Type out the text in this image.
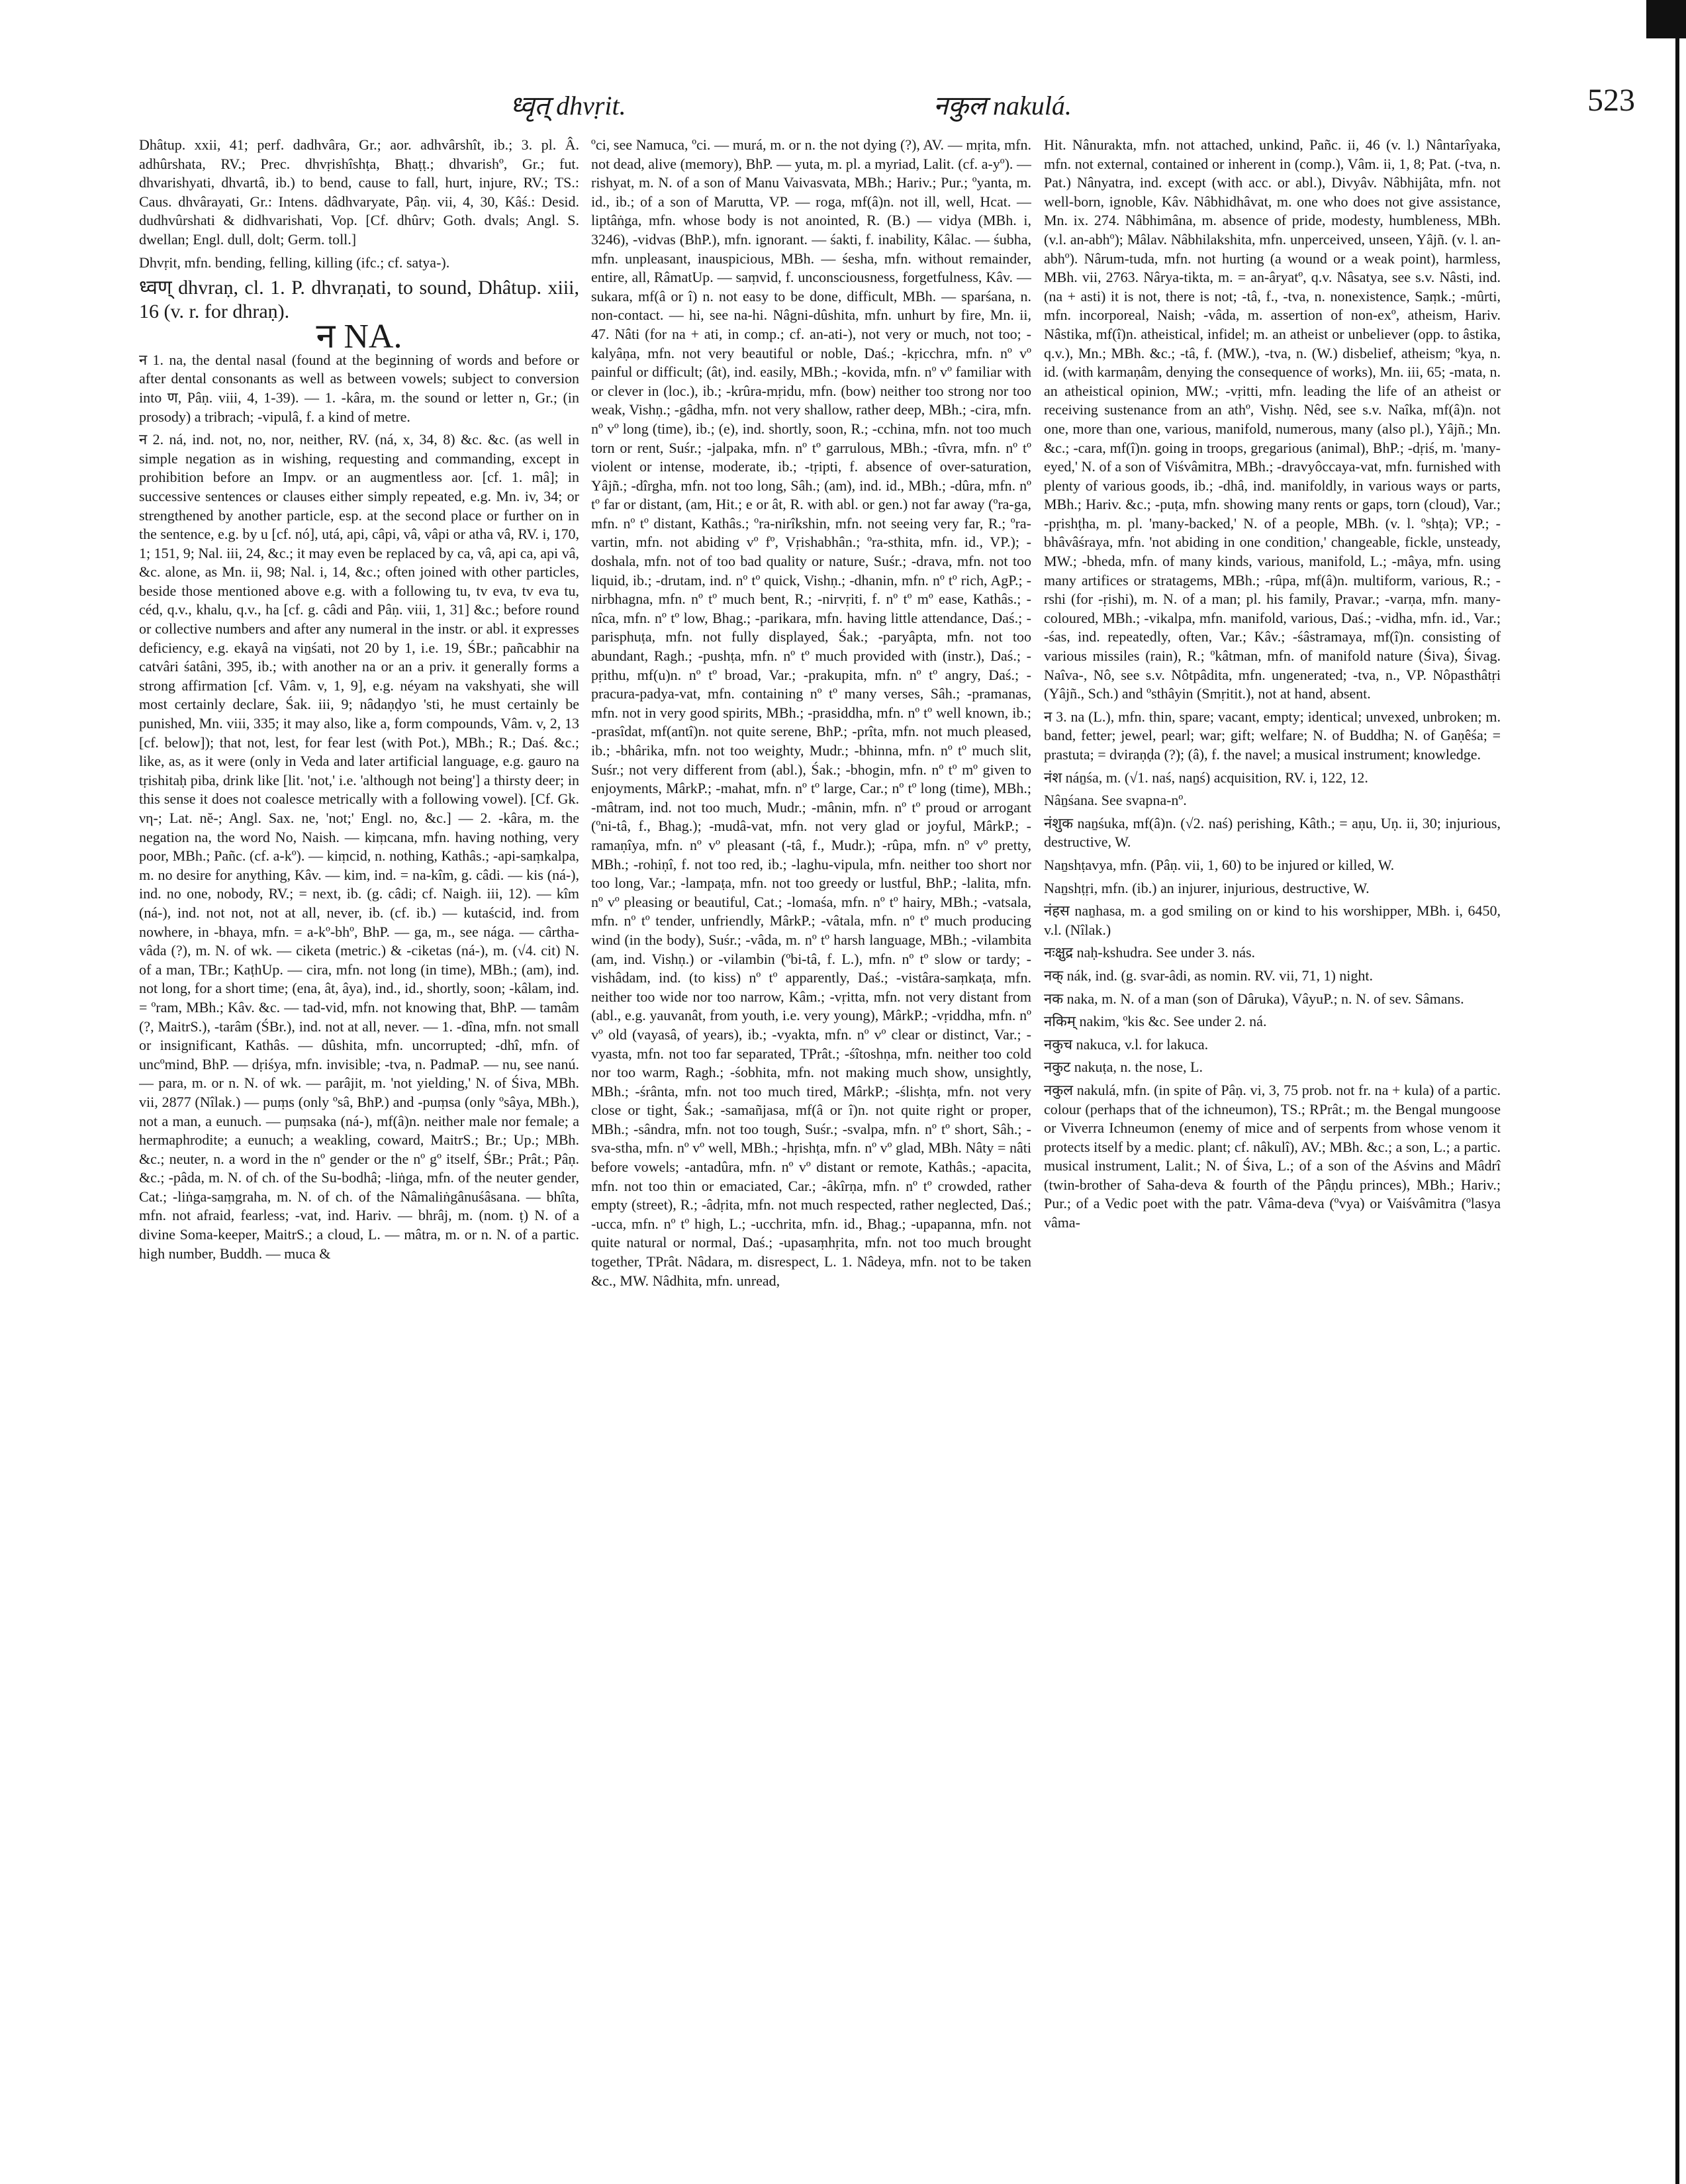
ध्वृत् dhvṛit.	नकुल nakulá.	523

Dhâtup. xxii, 41; perf. dadhvâra, Gr.; aor. adhvârshît, ib.; 3. pl. Â. adhûrshata, RV.; Prec. dhvṛishîshṭa, Bhaṭṭ.; dhvarishº, Gr.; fut. dhvarishyati, dhvartâ, ib.) to bend, cause to fall, hurt, injure, RV.; TS.: Caus. dhvârayati, Gr.: Intens. dâdhvaryate, Pâṇ. vii, 4, 30, Kâś.: Desid. dudhvûrshati & didhvarishati, Vop. [Cf. dhûrv; Goth. dvals; Angl. S. dwellan; Engl. dull, dolt; Germ. toll.]

Dhvṛit, mfn. bending, felling, killing (ifc.; cf. satya-).

ध्वण् dhvraṇ, cl. 1. P. dhvraṇati, to sound, Dhâtup. xiii, 16 (v. r. for dhraṇ).

न NA.

न 1. na, the dental nasal (found at the beginning of words and before or after dental consonants as well as between vowels; subject to conversion into ण, Pâṇ. viii, 4, 1-39). — 1. -kâra, m. the sound or letter n, Gr.; (in prosody) a tribrach; -vipulâ, f. a kind of metre.

न 2. ná, ind. not, no, nor, neither, RV. (ná, x, 34, 8) &c. &c. (as well in simple negation as in wishing, requesting and commanding, except in prohibition before an Impv. or an augmentless aor. [cf. 1. mâ]; in successive sentences or clauses either simply repeated, e.g. Mn. iv, 34; or strengthened by another particle, esp. at the second place or further on in the sentence, e.g. by u [cf. nó], utá, api, câpi, vâ, vâpi or atha vâ, RV. i, 170, 1; 151, 9; Nal. iii, 24, &c.; it may even be replaced by ca, vâ, api ca, api vâ, &c. alone, as Mn. ii, 98; Nal. i, 14, &c.; often joined with other particles, beside those mentioned above e.g. with a following tu, tv eva, tv eva tu, céd, q.v., khalu, q.v., ha [cf. g. câdi and Pâṇ. viii, 1, 31] &c.; before round or collective numbers and after any numeral in the instr. or abl. it expresses deficiency, e.g. ekayâ na viṉśati, not 20 by 1, i.e. 19, ŚBr.; pañcabhir na catvâri śatâni, 395, ib.; with another na or an a priv. it generally forms a strong affirmation [cf. Vâm. v, 1, 9], e.g. néyam na vakshyati, she will most certainly declare, Śak. iii, 9; nâdaṇḍyo 'sti, he must certainly be punished, Mn. viii, 335; it may also, like a, form compounds, Vâm. v, 2, 13 [cf. below]); that not, lest, for fear lest (with Pot.), MBh.; R.; Daś. &c.; like, as, as it were (only in Veda and later artificial language, e.g. gauro na tṛishitaḥ piba, drink like [lit. 'not,' i.e. 'although not being'] a thirsty deer; in this sense it does not coalesce metrically with a following vowel). [Cf. Gk. νη-; Lat. nĕ-; Angl. Sax. ne, 'not;' Engl. no, &c.] — 2. -kâra, m. the negation na, the word No, Naish. — kiṃcana, mfn. having nothing, very poor, MBh.; Pañc. (cf. a-kº). — kiṃcid, n. nothing, Kathâs.; -api-saṃkalpa, m. no desire for anything, Kâv. — kim, ind. = na-kîm, g. câdi. — kis (ná-), ind. no one, nobody, RV.; = next, ib. (g. câdi; cf. Naigh. iii, 12). — kîm (ná-), ind. not not, not at all, never, ib. (cf. ib.) — kutaścid, ind. from nowhere, in -bhaya, mfn. = a-kº-bhº, BhP. — ga, m., see nága. — cârtha-vâda (?), m. N. of wk. — ciketa (metric.) & -ciketas (ná-), m. (√4. cit) N. of a man, TBr.; KaṭhUp. — cira, mfn. not long (in time), MBh.; (am), ind. not long, for a short time; (ena, ât, âya), ind., id., shortly, soon; -kâlam, ind. = ºram, MBh.; Kâv. &c. — tad-vid, mfn. not knowing that, BhP. — tamâm (?, MaitrS.), -tarâm (ŚBr.), ind. not at all, never. — 1. -dîna, mfn. not small or insignificant, Kathâs. — dûshita, mfn. uncorrupted; -dhî, mfn. of uncºmind, BhP. — dṛiśya, mfn. invisible; -tva, n. PadmaP. — nu, see nanú. — para, m. or n. N. of wk. — parâjit, m. 'not yielding,' N. of Śiva, MBh. vii, 2877 (Nîlak.) — puṃs (only ºsâ, BhP.) and -puṃsa (only ºsâya, MBh.), not a man, a eunuch. — puṃsaka (ná-), mf(â)n. neither male nor female; a hermaphrodite; a eunuch; a weakling, coward, MaitrS.; Br.; Up.; MBh. &c.; neuter, n. a word in the nº gender or the nº gº itself, ŚBr.; Prât.; Pâṇ. &c.; -pâda, m. N. of ch. of the Su-bodhâ; -liṅga, mfn. of the neuter gender, Cat.; -liṅga-saṃgraha, m. N. of ch. of the Nâmaliṅgânuśâsana. — bhîta, mfn. not afraid, fearless; -vat, ind. Hariv. — bhrâj, m. (nom. ṭ) N. of a divine Soma-keeper, MaitrS.; a cloud, L. — mâtra, m. or n. N. of a partic. high number, Buddh. — muca &

ºci, see Namuca, ºci. — murá, m. or n. the not dying (?), AV. — mṛita, mfn. not dead, alive (memory), BhP. — yuta, m. pl. a myriad, Lalit. (cf. a-yº). — rishyat, m. N. of a son of Manu Vaivasvata, MBh.; Hariv.; Pur.; ºyanta, m. id., ib.; of a son of Marutta, VP. — roga, mf(â)n. not ill, well, Hcat. — liptâṅga, mfn. whose body is not anointed, R. (B.) — vidya (MBh. i, 3246), -vidvas (BhP.), mfn. ignorant. — śakti, f. inability, Kâlac. — śubha, mfn. unpleasant, inauspicious, MBh. — śesha, mfn. without remainder, entire, all, RâmatUp. — saṃvid, f. unconsciousness, forgetfulness, Kâv. — sukara, mf(â or î) n. not easy to be done, difficult, MBh. — sparśana, n. non-contact. — hi, see na-hi. Nâgni-dûshita, mfn. unhurt by fire, Mn. ii, 47. Nâti (for na + ati, in comp.; cf. an-ati-), not very or much, not too; -kalyâṇa, mfn. not very beautiful or noble, Daś.; -kṛicchra, mfn. nº vº painful or difficult; (ât), ind. easily, MBh.; -kovida, mfn. nº vº familiar with or clever in (loc.), ib.; -krûra-mṛidu, mfn. (bow) neither too strong nor too weak, Vishṇ.; -gâdha, mfn. not very shallow, rather deep, MBh.; -cira, mfn. nº vº long (time), ib.; (e), ind. shortly, soon, R.; -cchina, mfn. not too much torn or rent, Suśr.; -jalpaka, mfn. nº tº garrulous, MBh.; -tîvra, mfn. nº tº violent or intense, moderate, ib.; -tṛipti, f. absence of over-saturation, Yâjñ.; -dîrgha, mfn. not too long, Sâh.; (am), ind. id., MBh.; -dûra, mfn. nº tº far or distant, (am, Hit.; e or ât, R. with abl. or gen.) not far away (ºra-ga, mfn. nº tº distant, Kathâs.; ºra-nirîkshin, mfn. not seeing very far, R.; ºra-vartin, mfn. not abiding vº fº, Vṛishabhân.; ºra-sthita, mfn. id., VP.); -doshala, mfn. not of too bad quality or nature, Suśr.; -drava, mfn. not too liquid, ib.; -drutam, ind. nº tº quick, Vishṇ.; -dhanin, mfn. nº tº rich, AgP.; -nirbhagna, mfn. nº tº much bent, R.; -nirvṛiti, f. nº tº mº ease, Kathâs.; -nîca, mfn. nº tº low, Bhag.; -parikara, mfn. having little attendance, Daś.; -parisphuṭa, mfn. not fully displayed, Śak.; -paryâpta, mfn. not too abundant, Ragh.; -pushṭa, mfn. nº tº much provided with (instr.), Daś.; -pṛithu, mf(u)n. nº tº broad, Var.; -prakupita, mfn. nº tº angry, Daś.; -pracura-padya-vat, mfn. containing nº tº many verses, Sâh.; -pramanas, mfn. not in very good spirits, MBh.; -prasiddha, mfn. nº tº well known, ib.; -prasîdat, mf(antî)n. not quite serene, BhP.; -prîta, mfn. not much pleased, ib.; -bhârika, mfn. not too weighty, Mudr.; -bhinna, mfn. nº tº much slit, Suśr.; not very different from (abl.), Śak.; -bhogin, mfn. nº tº mº given to enjoyments, MârkP.; -mahat, mfn. nº tº large, Car.; nº tº long (time), MBh.; -mâtram, ind. not too much, Mudr.; -mânin, mfn. nº tº proud or arrogant (ºni-tâ, f., Bhag.); -mudâ-vat, mfn. not very glad or joyful, MârkP.; -ramaṇîya, mfn. nº vº pleasant (-tâ, f., Mudr.); -rûpa, mfn. nº vº pretty, MBh.; -rohiṇî, f. not too red, ib.; -laghu-vipula, mfn. neither too short nor too long, Var.; -lampaṭa, mfn. not too greedy or lustful, BhP.; -lalita, mfn. nº vº pleasing or beautiful, Cat.; -lomaśa, mfn. nº tº hairy, MBh.; -vatsala, mfn. nº tº tender, unfriendly, MârkP.; -vâtala, mfn. nº tº much producing wind (in the body), Suśr.; -vâda, m. nº tº harsh language, MBh.; -vilambita (am, ind. Vishṇ.) or -vilambin (ºbi-tâ, f. L.), mfn. nº tº slow or tardy; -vishâdam, ind. (to kiss) nº tº apparently, Daś.; -vistâra-saṃkaṭa, mfn. neither too wide nor too narrow, Kâm.; -vṛitta, mfn. not very distant from (abl., e.g. yauvanât, from youth, i.e. very young), MârkP.; -vṛiddha, mfn. nº vº old (vayasâ, of years), ib.; -vyakta, mfn. nº vº clear or distinct, Var.; -vyasta, mfn. not too far separated, TPrât.; -śîtoshṇa, mfn. neither too cold nor too warm, Ragh.; -śobhita, mfn. not making much show, unsightly, MBh.; -śrânta, mfn. not too much tired, MârkP.; -ślishṭa, mfn. not very close or tight, Śak.; -samañjasa, mf(â or î)n. not quite right or proper, MBh.; -sândra, mfn. not too tough, Suśr.; -svalpa, mfn. nº tº short, Sâh.; -sva-stha, mfn. nº vº well, MBh.; -hṛishṭa, mfn. nº vº glad, MBh. Nâty = nâti before vowels; -antadûra, mfn. nº vº distant or remote, Kathâs.; -apacita, mfn. not too thin or emaciated, Car.; -âkîrṇa, mfn. nº tº crowded, rather empty (street), R.; -âdṛita, mfn. not much respected, rather neglected, Daś.; -ucca, mfn. nº tº high, L.; -ucchrita, mfn. id., Bhag.; -upapanna, mfn. not quite natural or normal, Daś.; -upasaṃhṛita, mfn. not too much brought together, TPrât. Nâdara, m. disrespect, L. 1. Nâdeya, mfn. not to be taken &c., MW. Nâdhita, mfn. unread,

Hit. Nânurakta, mfn. not attached, unkind, Pañc. ii, 46 (v. l.) Nântarîyaka, mfn. not external, contained or inherent in (comp.), Vâm. ii, 1, 8; Pat. (-tva, n. Pat.) Nânyatra, ind. except (with acc. or abl.), Divyâv. Nâbhijâta, mfn. not well-born, ignoble, Kâv. Nâbhidhâvat, m. one who does not give assistance, Mn. ix. 274. Nâbhimâna, m. absence of pride, modesty, humbleness, MBh. (v.l. an-abhº); Mâlav. Nâbhilakshita, mfn. unperceived, unseen, Yâjñ. (v. l. an-abhº). Nârum-tuda, mfn. not hurting (a wound or a weak point), harmless, MBh. vii, 2763. Nârya-tikta, m. = an-âryatº, q.v. Nâsatya, see s.v. Nâsti, ind. (na + asti) it is not, there is not; -tâ, f., -tva, n. nonexistence, Saṃk.; -mûrti, mfn. incorporeal, Naish; -vâda, m. assertion of non-exº, atheism, Hariv. Nâstika, mf(î)n. atheistical, infidel; m. an atheist or unbeliever (opp. to âstika, q.v.), Mn.; MBh. &c.; -tâ, f. (MW.), -tva, n. (W.) disbelief, atheism; ºkya, n. id. (with karmaṇâm, denying the consequence of works), Mn. iii, 65; -mata, n. an atheistical opinion, MW.; -vṛitti, mfn. leading the life of an atheist or receiving sustenance from an athº, Vishṇ. Nêd, see s.v. Naîka, mf(â)n. not one, more than one, various, manifold, numerous, many (also pl.), Yâjñ.; Mn. &c.; -cara, mf(î)n. going in troops, gregarious (animal), BhP.; -dṛiś, m. 'many-eyed,' N. of a son of Viśvâmitra, MBh.; -dravyôccaya-vat, mfn. furnished with plenty of various goods, ib.; -dhâ, ind. manifoldly, in various ways or parts, MBh.; Hariv. &c.; -puṭa, mfn. showing many rents or gaps, torn (cloud), Var.; -pṛishṭha, m. pl. 'many-backed,' N. of a people, MBh. (v. l. ºshṭa); VP.; -bhâvâśraya, mfn. 'not abiding in one condition,' changeable, fickle, unsteady, MW.; -bheda, mfn. of many kinds, various, manifold, L.; -mâya, mfn. using many artifices or stratagems, MBh.; -rûpa, mf(â)n. multiform, various, R.; -rshi (for -ṛishi), m. N. of a man; pl. his family, Pravar.; -varṇa, mfn. many-coloured, MBh.; -vikalpa, mfn. manifold, various, Daś.; -vidha, mfn. id., Var.; -śas, ind. repeatedly, often, Var.; Kâv.; -śâstramaya, mf(î)n. consisting of various missiles (rain), R.; ºkâtman, mfn. of manifold nature (Śiva), Śivag. Naîva-, Nô, see s.v. Nôtpâdita, mfn. ungenerated; -tva, n., VP. Nôpasthâtṛi (Yâjñ., Sch.) and ºsthâyin (Smṛitit.), not at hand, absent.

न 3. na (L.), mfn. thin, spare; vacant, empty; identical; unvexed, unbroken; m. band, fetter; jewel, pearl; war; gift; welfare; N. of Buddha; N. of Gaṇêśa; = prastuta; = dviraṇḍa (?); (â), f. the navel; a musical instrument; knowledge.

नंश náṉśa, m. (√1. naś, naṉś) acquisition, RV. i, 122, 12.

Nâṉśana. See svapna-nº.

नंशुक naṉśuka, mf(â)n. (√2. naś) perishing, Kâth.; = aṇu, Uṇ. ii, 30; injurious, destructive, W.

Naṉshṭavya, mfn. (Pâṇ. vii, 1, 60) to be injured or killed, W.

Naṉshṭṛi, mfn. (ib.) an injurer, injurious, destructive, W.

नंहस naṉhasa, m. a god smiling on or kind to his worshipper, MBh. i, 6450, v.l. (Nîlak.)

नःक्षुद्र naḥ-kshudra. See under 3. nás.

नक् nák, ind. (g. svar-âdi, as nomin. RV. vii, 71, 1) night.

नक naka, m. N. of a man (son of Dâruka), VâyuP.; n. N. of sev. Sâmans.

नकिम् nakim, ºkis &c. See under 2. ná.

नकुच nakuca, v.l. for lakuca.

नकुट nakuṭa, n. the nose, L.

नकुल nakulá, mfn. (in spite of Pâṇ. vi, 3, 75 prob. not fr. na + kula) of a partic. colour (perhaps that of the ichneumon), TS.; RPrât.; m. the Bengal mungoose or Viverra Ichneumon (enemy of mice and of serpents from whose venom it protects itself by a medic. plant; cf. nâkulî), AV.; MBh. &c.; a son, L.; a partic. musical instrument, Lalit.; N. of Śiva, L.; of a son of the Aśvins and Mâdrî (twin-brother of Saha-deva & fourth of the Pâṇḍu princes), MBh.; Hariv.; Pur.; of a Vedic poet with the patr. Vâma-deva (ºvya) or Vaiśvâmitra (ºlasya vâma-
